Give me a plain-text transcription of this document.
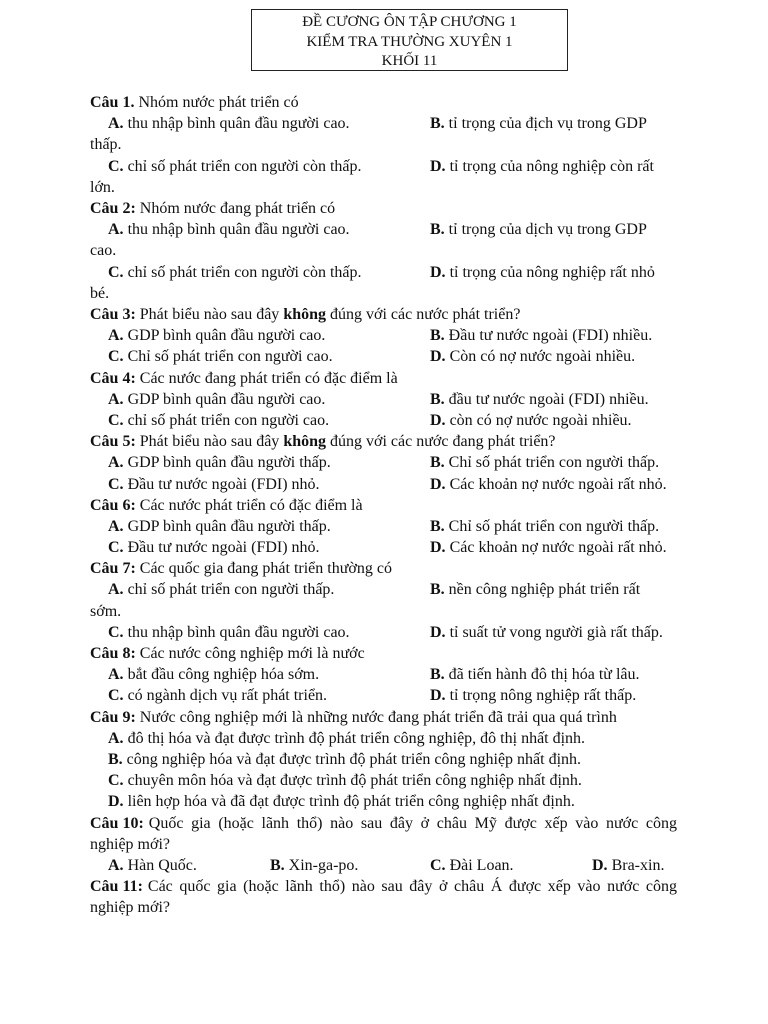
ĐỀ CƯƠNG ÔN TẬP CHƯƠNG 1
KIỂM TRA THƯỜNG XUYÊN 1
KHỐI 11
Câu 1. Nhóm nước phát triển có
A. thu nhập bình quân đầu người cao.	B. tỉ trọng của địch vụ trong GDP
thấp.
C. chỉ số phát triển con người còn thấp.	D. tỉ trọng của nông nghiệp còn rất
lớn.
Câu 2: Nhóm nước đang phát triển có
A. thu nhập bình quân đầu người cao.	B. tỉ trọng của dịch vụ trong GDP
cao.
C. chỉ số phát triển con người còn thấp.	D. tỉ trọng của nông nghiệp rất nhỏ
bé.
Câu 3: Phát biểu nào sau đây không đúng với các nước phát triển?
A. GDP bình quân đầu người cao.	B. Đầu tư nước ngoài (FDI) nhiều.
C. Chỉ số phát triển con người cao.	D. Còn có nợ nước ngoài nhiều.
Câu 4: Các nước đang phát triển có đặc điểm là
A. GDP bình quân đầu người cao.	B. đầu tư nước ngoài (FDI) nhiều.
C. chỉ số phát triển con người cao.	D. còn có nợ nước ngoài nhiều.
Câu 5: Phát biểu nào sau đây không đúng với các nước đang phát triển?
A. GDP bình quân đầu người thấp.	B. Chỉ số phát triển con người thấp.
C. Đầu tư nước ngoài (FDI) nhỏ.	D. Các khoản nợ nước ngoài rất nhỏ.
Câu 6: Các nước phát triển có đặc điểm là
A. GDP bình quân đầu người thấp.	B. Chỉ số phát triển con người thấp.
C. Đầu tư nước ngoài (FDI) nhỏ.	D. Các khoản nợ nước ngoài rất nhỏ.
Câu 7: Các quốc gia đang phát triển thường có
A. chỉ số phát triển con người thấp.	B. nền công nghiệp phát triển rất
sớm.
C. thu nhập bình quân đầu người cao.	D. tỉ suất tử vong người già rất thấp.
Câu 8: Các nước công nghiệp mới là nước
A. bắt đầu công nghiệp hóa sớm.	B. đã tiến hành đô thị hóa từ lâu.
C. có ngành dịch vụ rất phát triển.	D. tỉ trọng nông nghiệp rất thấp.
Câu 9: Nước công nghiệp mới là những nước đang phát triển đã trải qua quá trình
A. đô thị hóa và đạt được trình độ phát triển công nghiệp, đô thị nhất định.
B. công nghiệp hóa và đạt được trình độ phát triển công nghiệp nhất định.
C. chuyên môn hóa và đạt được trình độ phát triển công nghiệp nhất định.
D. liên hợp hóa và đã đạt được trình độ phát triển công nghiệp nhất định.
Câu 10: Quốc gia (hoặc lãnh thổ) nào sau đây ở châu Mỹ được xếp vào nước công
nghiệp mới?
A. Hàn Quốc.	B. Xin-ga-po.	C. Đài Loan.	D. Bra-xin.
Câu 11: Các quốc gia (hoặc lãnh thổ) nào sau đây ở châu Á được xếp vào nước công
nghiệp mới?
